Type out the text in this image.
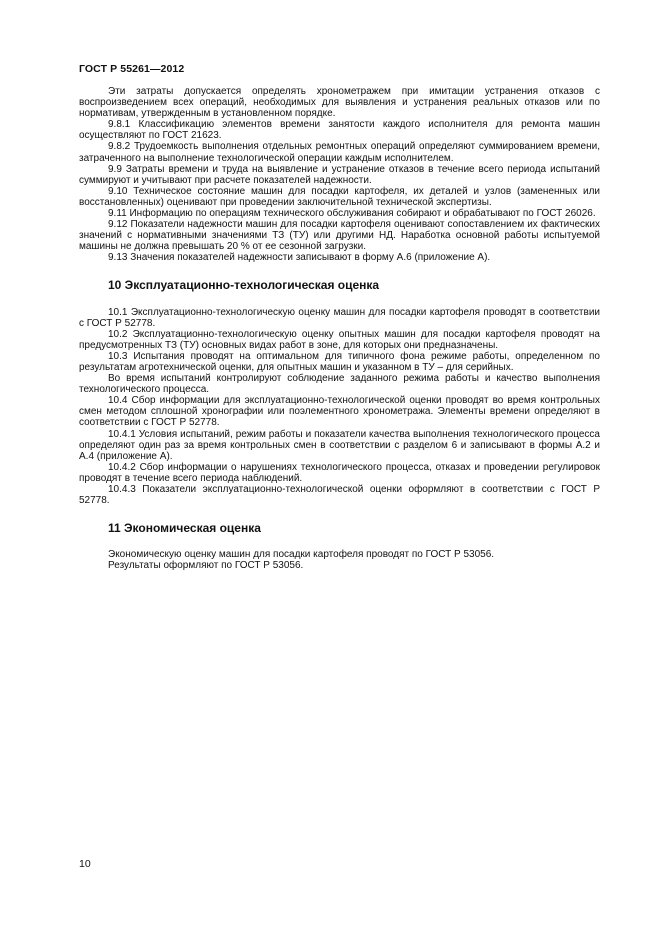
ГОСТ Р 55261—2012

Эти затраты допускается определять хронометражем при имитации устранения отказов с воспроизведением всех операций, необходимых для выявления и устранения реальных отказов или по нормативам, утвержденным в установленном порядке.

9.8.1 Классификацию элементов времени занятости каждого исполнителя для ремонта машин осуществляют по ГОСТ 21623.

9.8.2 Трудоемкость выполнения отдельных ремонтных операций определяют суммированием времени, затраченного на выполнение технологической операции каждым исполнителем.

9.9 Затраты времени и труда на выявление и устранение отказов в течение всего периода испытаний суммируют и учитывают при расчете показателей надежности.

9.10 Техническое состояние машин для посадки картофеля, их деталей и узлов (замененных или восстановленных) оценивают при проведении заключительной технической экспертизы.

9.11 Информацию по операциям технического обслуживания собирают и обрабатывают по ГОСТ 26026.

9.12 Показатели надежности машин для посадки картофеля оценивают сопоставлением их фактических значений с нормативными значениями ТЗ (ТУ) или другими НД. Наработка основной работы испытуемой машины не должна превышать 20 % от ее сезонной загрузки.

9.13 Значения показателей надежности записывают в форму А.6 (приложение А).

10 Эксплуатационно-технологическая оценка

10.1 Эксплуатационно-технологическую оценку машин для посадки картофеля проводят в соответствии с ГОСТ Р 52778.

10.2 Эксплуатационно-технологическую оценку опытных машин для посадки картофеля проводят на предусмотренных ТЗ (ТУ) основных видах работ в зоне, для которых они предназначены.

10.3 Испытания проводят на оптимальном для типичного фона режиме работы, определенном по результатам агротехнической оценки, для опытных машин и указанном в ТУ – для серийных.

Во время испытаний контролируют соблюдение заданного режима работы и качество выполнения технологического процесса.

10.4 Сбор информации для эксплуатационно-технологической оценки проводят во время контрольных смен методом сплошной хронографии или поэлементного хронометража. Элементы времени определяют в соответствии с ГОСТ Р 52778.

10.4.1 Условия испытаний, режим работы и показатели качества выполнения технологического процесса определяют один раз за время контрольных смен в соответствии с разделом 6 и записывают в формы А.2 и А.4 (приложение А).

10.4.2 Сбор информации о нарушениях технологического процесса, отказах и проведении регулировок проводят в течение всего периода наблюдений.

10.4.3 Показатели эксплуатационно-технологической оценки оформляют в соответствии с ГОСТ Р 52778.

11 Экономическая оценка

Экономическую оценку машин для посадки картофеля проводят по ГОСТ Р 53056.

Результаты оформляют по ГОСТ Р 53056.

10
